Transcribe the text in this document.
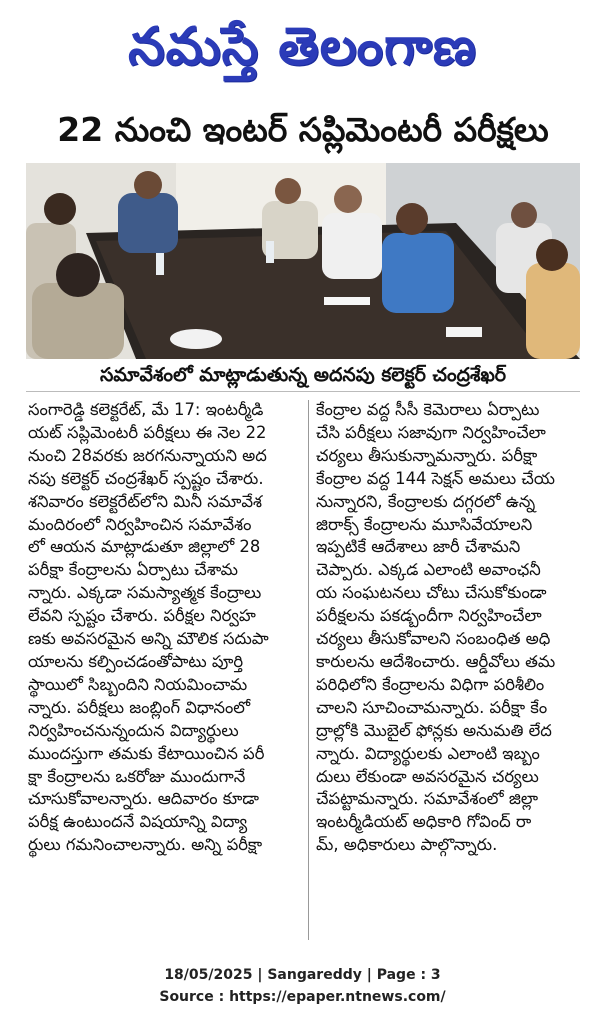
నమస్తే తెలంగాణ
22 నుంచి ఇంటర్ సప్లిమెంటరీ పరీక్షలు
సమావేశంలో మాట్లాడుతున్న అదనపు కలెక్టర్ చంద్రశేఖర్
సంగారెడ్డి కలెక్టరేట్, మే 17: ఇంటర్మీడి
యట్ సప్లిమెంటరీ పరీక్షలు ఈ నెల 22
నుంచి 28వరకు జరగనున్నాయని అద
నపు కలెక్టర్ చంద్రశేఖర్ స్పష్టం చేశారు.
శనివారం కలెక్టరేట్‌లోని మినీ సమావేశ
మందిరంలో నిర్వహించిన సమావేశం
లో ఆయన మాట్లాడుతూ జిల్లాలో 28
పరీక్షా కేంద్రాలను ఏర్పాటు చేశామ
న్నారు. ఎక్కడా సమస్యాత్మక కేంద్రాలు
లేవని స్పష్టం చేశారు. పరీక్షల నిర్వహ
ణకు అవసరమైన అన్ని మౌలిక సదుపా
యాలను కల్పించడంతోపాటు పూర్తి
స్థాయిలో సిబ్బందిని నియమించామ
న్నారు. పరీక్షలు జంబ్లింగ్ విధానంలో
నిర్వహించనున్నందున విద్యార్థులు
ముందస్తుగా తమకు కేటాయించిన పరీ
క్షా కేంద్రాలను ఒకరోజు ముందుగానే
చూసుకోవాలన్నారు. ఆదివారం కూడా
పరీక్ష ఉంటుందనే విషయాన్ని విద్యా
ర్థులు గమనించాలన్నారు. అన్ని పరీక్షా
కేంద్రాల వద్ద సీసీ కెమెరాలు ఏర్పాటు
చేసి పరీక్షలు సజావుగా నిర్వహించేలా
చర్యలు తీసుకున్నామన్నారు. పరీక్షా
కేంద్రాల వద్ద 144 సెక్షన్ అమలు చేయ
నున్నారని, కేంద్రాలకు దగ్గరలో ఉన్న
జిరాక్స్ కేంద్రాలను మూసివేయాలని
ఇప్పటికే ఆదేశాలు జారీ చేశామని
చెప్పారు. ఎక్కడ ఎలాంటి అవాంఛనీ
య సంఘటనలు చోటు చేసుకోకుండా
పరీక్షలను పకడ్బందీగా నిర్వహించేలా
చర్యలు తీసుకోవాలని సంబంధిత అధి
కారులను ఆదేశించారు. ఆర్డీవోలు తమ
పరిధిలోని కేంద్రాలను విధిగా పరిశీలిం
చాలని సూచించామన్నారు. పరీక్షా కేం
ద్రాల్లోకి మొబైల్ ఫోన్లకు అనుమతి లేద
న్నారు. విద్యార్థులకు ఎలాంటి ఇబ్బం
దులు లేకుండా అవసరమైన చర్యలు
చేపట్టామన్నారు. సమావేశంలో జిల్లా
ఇంటర్మీడియట్ అధికారి గోవింద్ రా
మ్, అధికారులు పాల్గొన్నారు.
18/05/2025 | Sangareddy | Page : 3
Source : https://epaper.ntnews.com/
